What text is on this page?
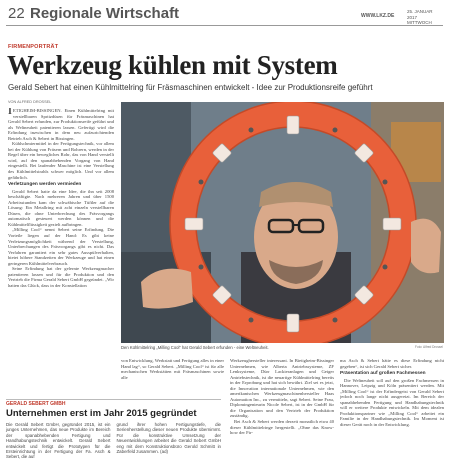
22 Regionale Wirtschaft	WWW.LKZ.DE
25. JANUAR 2017
MITTWOCH
FIRMENPORTRÄT
Werkzeug kühlen mit System
Gerald Sebert hat einen Kühlmittelring für Fräsmaschinen entwickelt - Idee zur Produktionsreife geführt
VON ALFRED DROSSEL

IETIGHEIM-BISSINGEN. Einen Kühlmittelring mit verstellbaren Spritzdüsen für Fräsmaschinen hat Gerald Sebert erfunden, zur Produktionsreife geführt und als Weltneuheit patentieren lassen. Gefertigt wird die Erfindung inzwischen in dem neu aufzurichtenden Betrieb Asch & Sebert in Bissingen.

Kühlschmiermittel in der Fertigungstechnik, vor allem bei der Kühlung von Fräsern und Bohrern, werden in der Regel über ein bewegliches Rohr, das von Hand verstellt wird, auf den spanabhebenden Vorgang von Hand eingestellt. Bei laufender Maschine ist eine Verstellung des Kühlmittelstrahls schwer möglich. Und vor allem gefährlich.

Verletzungen werden vermieden

Gerald Sebert hatte da eine Idee, die ihn seit 2008 beschäftigte. Nach mehreren Jahren und über 1500 Arbeitsstunden kam der schwäbische Tüftler auf die Lösung: Ein Metallring mit acht einzeln verstellbaren Düsen, die ohne Unterbrechung des Fräsvorgangs automatisch gesteuert werden können und die Kühlmittelflüssigkeit gezielt aufbringen.

„Milling Cool“ nennt Sebert seine Erfindung. Die Vorteile liegen auf der Hand: Es gibt keine Verletzungsmöglichkeit während der Verstellung, Unterbrechungen des Fräsvorgangs gibt es nicht. Das Verfahren garantiert ein sehr gutes Ausspülverhalten, bietet höhere Standzeiten der Werkzeuge und hat einen geringeren Kühlmittelverbrauch.

Seine Erfindung hat der gelernte Werkzeugmacher patentieren lassen und für die Produktion und den Vertrieb die Firma Gerald Sebert GmbH gegründet. „Wir hatten das Glück, dass in der Konstellation

Den Kühlmittelring „Milling Cool“ hat Gerald Sebert erfunden - eine Weltneuheit.	Foto: Alfred Drossel

von Entwicklung, Werkstatt und Fertigung alles in einer Hand lag“, so Gerald Sebert. „Milling Cool“ ist für alle mechanischen Werkstätten mit Fräsmaschinen sowie alle

Werkzeughersteller interessant. In Bietigheim-Bissinger Unternehmen, wie Alberta Antriebssysteme, ZF Lenksysteme, Dürr Lackieranlagen und Geiger Antriebstechnik, ist die neuartige Kühlmittelring bereits in der Erprobung und hat sich bewährt. Ziel sei es jetzt, die Innovation internationale Unternehmen, wie den amerikanischen Werkzeugmaschinenhersteller Haas Automation Inc., zu vermitteln, sagt Sebert. Seine Frau, Diplomingenieurin Nicole Sebert, ist in der GmbH für die Organisation und den Vertrieb der Produktion zuständig.

Bei Asch & Sebert werden derzeit monatlich etwa 40 dieser Kühlmittelringe hergestellt. „Ohne das Know-how der Fir-

ma Asch & Sebert hätte es diese Erfindung nicht gegeben“, ist sich Gerald Sebert sicher.

Präsentation auf großen Fachmessen

Die Weltneuheit soll auf den großen Fachmessen in Hannover, Leipzig und Köln präsentiert werden. Mit „Milling Cool“ ist der Erfindergeist von Gerald Sebert jedoch noch lange nicht ausgereizt. Im Bereich der spanabhebenden Fertigung und Handhabungstechnik will er weitere Produkte entwickeln. Mit dem idealen Produktionspartner wie „Milling Cool“ arbeitet ein Familie in der Handhabungstechnik. Im Moment ist dieser Gerät noch in der Entwicklung.

GERALD SEBERT GMBH
Unternehmen erst im Jahr 2015 gegründet
Die Gerald Sebert GmbH, gegründet 2015, ist ein junges Unternehmen, das neue Produkte im Bereich der spanabhebenden Fertigung und Handhabungstechnik entwickelt. Gerald Sebert entwickelt und fertigt die Prototypen für die Ersteinrichtung in der Fertigung der Fa. Asch & Sebert, die auf
grund ihrer hohen Fertigungstiefe, die Serienherstellung dieser neuen Produkte übernimmt. Für die konstruktive Umsetzung der Neuentwicklungen arbeitet die Gerald Sebert GmbH eng mit dem Konstruktionsbüro Gerold Schmitt in Zaberfeld zusammen. (ad)
